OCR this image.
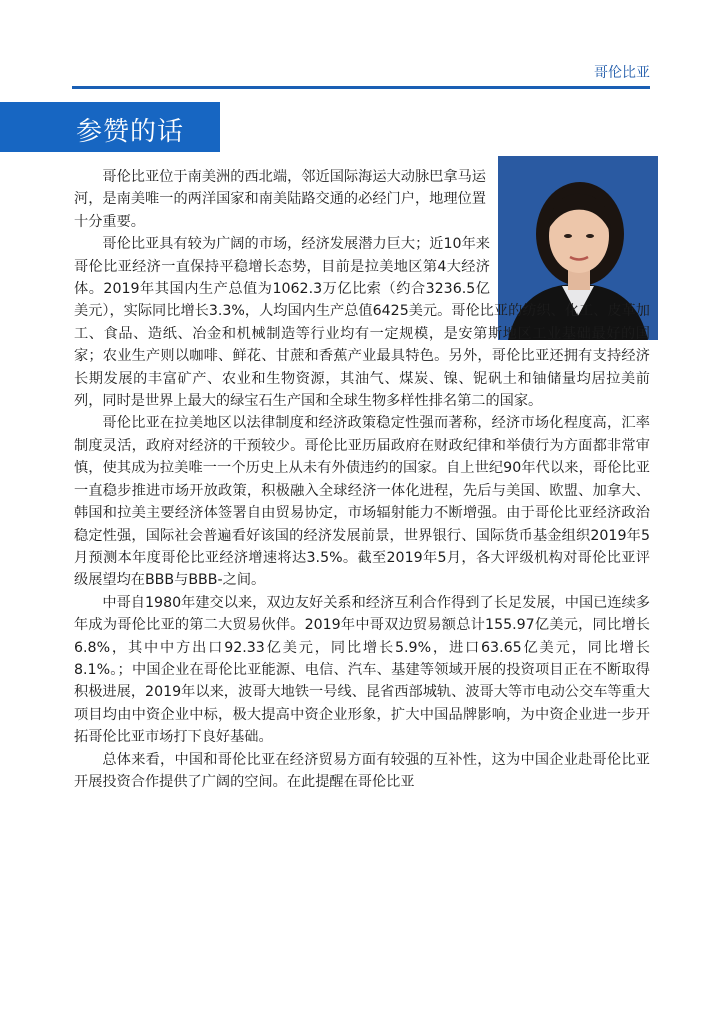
哥伦比亚
参赞的话

哥伦比亚位于南美洲的西北端，邻近国际海运大动脉巴拿马运河，是南美唯一的两洋国家和南美陆路交通的必经门户，地理位置十分重要。

哥伦比亚具有较为广阔的市场，经济发展潜力巨大；近10年来哥伦比亚经济一直保持平稳增长态势，目前是拉美地区第4大经济体。2019年其国内生产总值为1062.3万亿比索（约合3236.5亿美元），实际同比增长3.3%，人均国内生产总值6425美元。哥伦比亚的纺织、化工、皮革加工、食品、造纸、冶金和机械制造等行业均有一定规模，是安第斯地区工业基础最好的国家；农业生产则以咖啡、鲜花、甘蔗和香蕉产业最具特色。另外，哥伦比亚还拥有支持经济长期发展的丰富矿产、农业和生物资源，其油气、煤炭、镍、铌矾土和铀储量均居拉美前列，同时是世界上最大的绿宝石生产国和全球生物多样性排名第二的国家。

哥伦比亚在拉美地区以法律制度和经济政策稳定性强而著称，经济市场化程度高，汇率制度灵活，政府对经济的干预较少。哥伦比亚历届政府在财政纪律和举债行为方面都非常审慎，使其成为拉美唯一一个历史上从未有外债违约的国家。自上世纪90年代以来，哥伦比亚一直稳步推进市场开放政策，积极融入全球经济一体化进程，先后与美国、欧盟、加拿大、韩国和拉美主要经济体签署自由贸易协定，市场辐射能力不断增强。由于哥伦比亚经济政治稳定性强，国际社会普遍看好该国的经济发展前景，世界银行、国际货币基金组织2019年5月预测本年度哥伦比亚经济增速将达3.5%。截至2019年5月，各大评级机构对哥伦比亚评级展望均在BBB与BBB-之间。

中哥自1980年建交以来，双边友好关系和经济互利合作得到了长足发展，中国已连续多年成为哥伦比亚的第二大贸易伙伴。2019年中哥双边贸易额总计155.97亿美元，同比增长6.8%，其中中方出口92.33亿美元，同比增长5.9%，进口63.65亿美元，同比增长8.1%。；中国企业在哥伦比亚能源、电信、汽车、基建等领域开展的投资项目正在不断取得积极进展，2019年以来，波哥大地铁一号线、昆省西部城轨、波哥大等市电动公交车等重大项目均由中资企业中标，极大提高中资企业形象，扩大中国品牌影响，为中资企业进一步开拓哥伦比亚市场打下良好基础。

总体来看，中国和哥伦比亚在经济贸易方面有较强的互补性，这为中国企业赴哥伦比亚开展投资合作提供了广阔的空间。在此提醒在哥伦比亚
